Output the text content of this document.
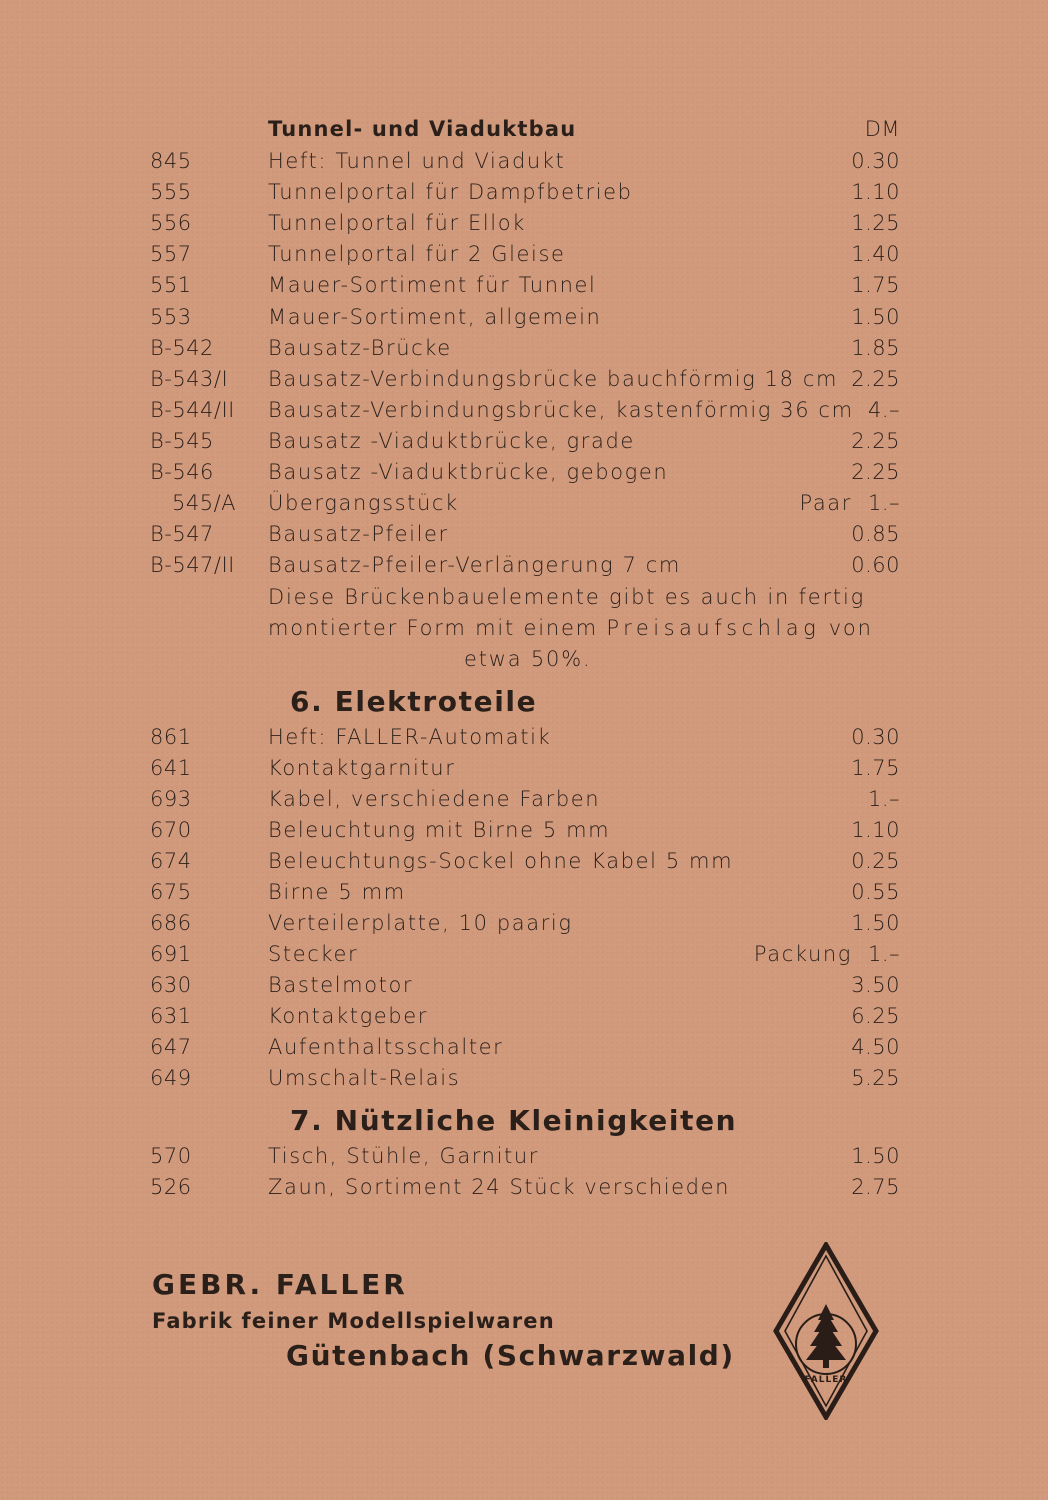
Tunnel- und Viaduktbau	DM
845	Heft: Tunnel und Viadukt	0.30
555	Tunnelportal für Dampfbetrieb	1.10
556	Tunnelportal für Ellok	1.25
557	Tunnelportal für 2 Gleise	1.40
551	Mauer-Sortiment für Tunnel	1.75
553	Mauer-Sortiment, allgemein	1.50
B-542	Bausatz-Brücke	1.85
B-543/I Bausatz-Verbindungsbrücke bauchförmig 18 cm 2.25
B-544/II Bausatz-Verbindungsbrücke, kastenförmig 36 cm 4.–
B-545	Bausatz -Viaduktbrücke, grade	2.25
B-546	Bausatz -Viaduktbrücke, gebogen	2.25
545/A Übergangsstück	Paar 1.–
B-547	Bausatz-Pfeiler	0.85
B-547/II Bausatz-Pfeiler-Verlängerung 7 cm	0.60
Diese Brückenbauelemente gibt es auch in fertig
montierter Form mit einem Preisaufschlag von
etwa 50%.
6. Elektroteile
861	Heft: FALLER-Automatik	0.30
641	Kontaktgarnitur	1.75
693	Kabel, verschiedene Farben	1.–
670	Beleuchtung mit Birne 5 mm	1.10
674	Beleuchtungs-Sockel ohne Kabel 5 mm	0.25
675	Birne 5 mm	0.55
686	Verteilerplatte, 10 paarig	1.50
691	Stecker	Packung 1.–
630	Bastelmotor	3.50
631	Kontaktgeber	6.25
647	Aufenthaltsschalter	4.50
649	Umschalt-Relais	5.25
7. Nützliche Kleinigkeiten
570	Tisch, Stühle, Garnitur	1.50
526	Zaun, Sortiment 24 Stück verschieden	2.75
GEBR. FALLER
Fabrik feiner Modellspielwaren
Gütenbach (Schwarzwald)
FALLER
